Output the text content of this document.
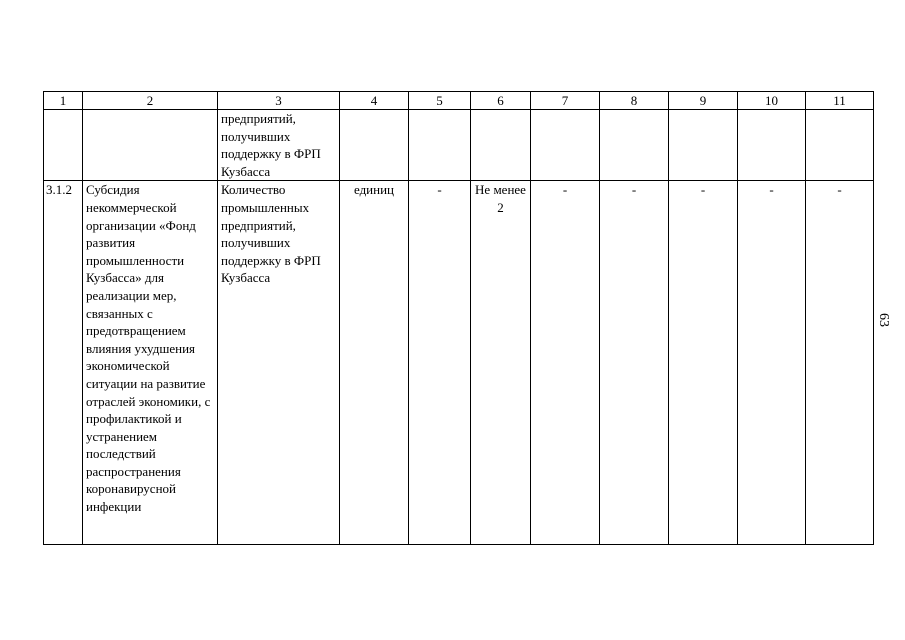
1	2	3	4	5	6	7	8	9	10	11
		предприятий, получивших поддержку в ФРП Кузбасса								
3.1.2	Субсидия некоммерческой организации «Фонд развития промышленности Кузбасса» для реализации мер, связанных с предотвращением влияния ухудшения экономической ситуации на развитие отраслей экономики, с профилактикой и устранением последствий распространения коронавирусной инфекции	Количество промышленных предприятий, получивших поддержку в ФРП Кузбасса	единиц	-	Не менее 2	-	-	-	-	-
63
